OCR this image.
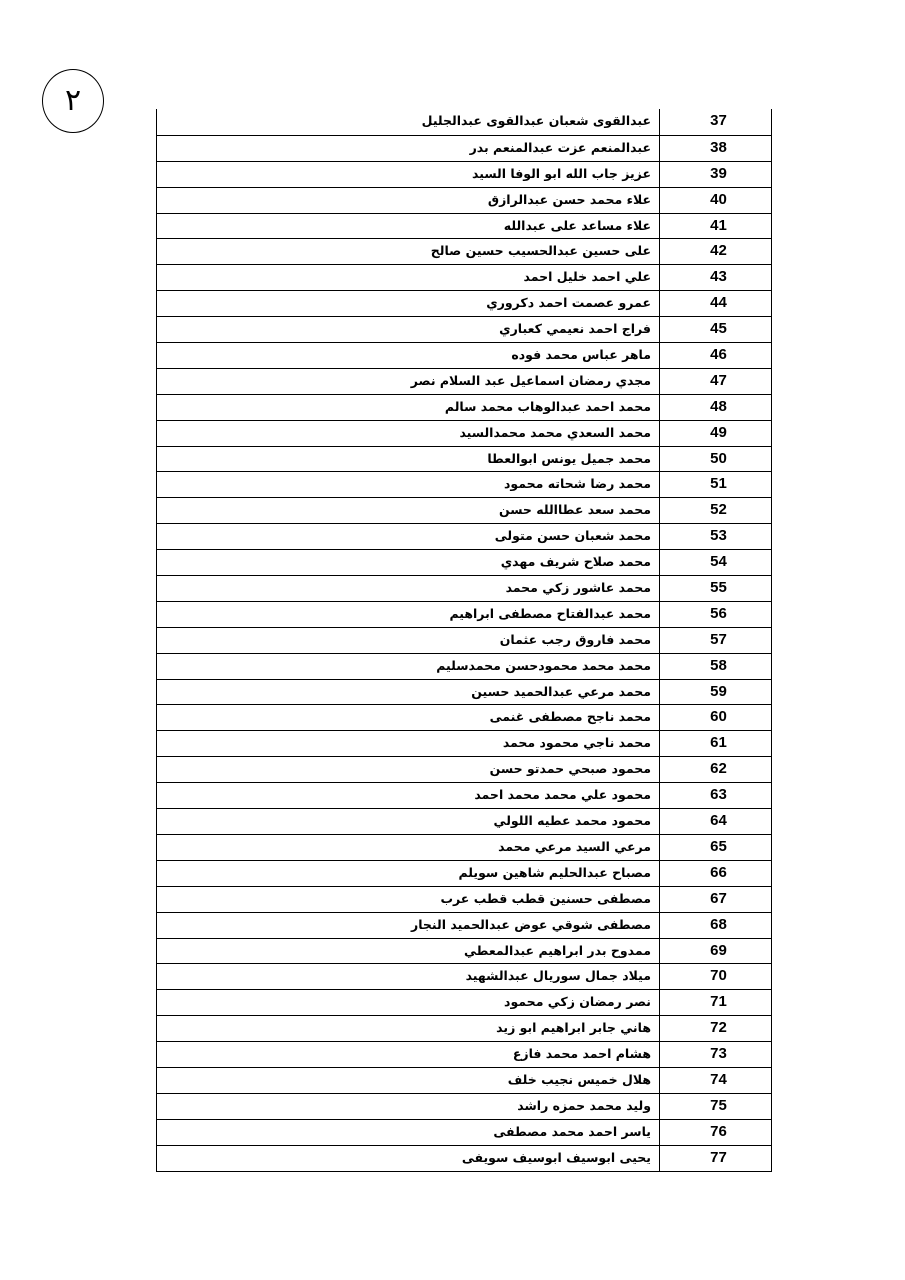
٢
عبدالقوى شعبان عبدالقوى عبدالجليل	37
عبدالمنعم عزت عبدالمنعم بدر	38
عزيز جاب الله ابو الوفا السيد	39
علاء محمد حسن عبدالرازق	40
علاء مساعد على عبدالله	41
على حسين عبدالحسيب حسين صالح	42
علي احمد خليل احمد	43
عمرو عصمت احمد دكروري	44
فراج احمد نعيمي كعباري	45
ماهر عباس محمد فوده	46
مجدي رمضان اسماعيل عبد السلام نصر	47
محمد احمد عبدالوهاب محمد سالم	48
محمد السعدي محمد محمدالسيد	49
محمد جميل يونس ابوالعطا	50
محمد رضا شحاته محمود	51
محمد سعد عطاالله حسن	52
محمد شعبان حسن متولى	53
محمد صلاح شريف مهدي	54
محمد عاشور زكي محمد	55
محمد عبدالفتاح مصطفى ابراهيم	56
محمد فاروق رجب عثمان	57
محمد محمد محمودحسن محمدسليم	58
محمد مرعي عبدالحميد حسين	59
محمد ناجح مصطفى غنمى	60
محمد ناجي محمود محمد	61
محمود صبحي حمدتو حسن	62
محمود علي محمد محمد احمد	63
محمود محمد عطيه اللولي	64
مرعي السيد مرعي محمد	65
مصباح عبدالحليم شاهين سويلم	66
مصطفى حسنين قطب قطب عرب	67
مصطفى شوقي عوض عبدالحميد النجار	68
ممدوح بدر ابراهيم عبدالمعطي	69
ميلاد جمال سوريال عبدالشهيد	70
نصر رمضان زكي محمود	71
هاني جابر ابراهيم ابو زيد	72
هشام احمد محمد فازع	73
هلال خميس نجيب خلف	74
وليد محمد حمزه راشد	75
ياسر احمد محمد مصطفى	76
يحيى ابوسيف ابوسيف سويفى	77
